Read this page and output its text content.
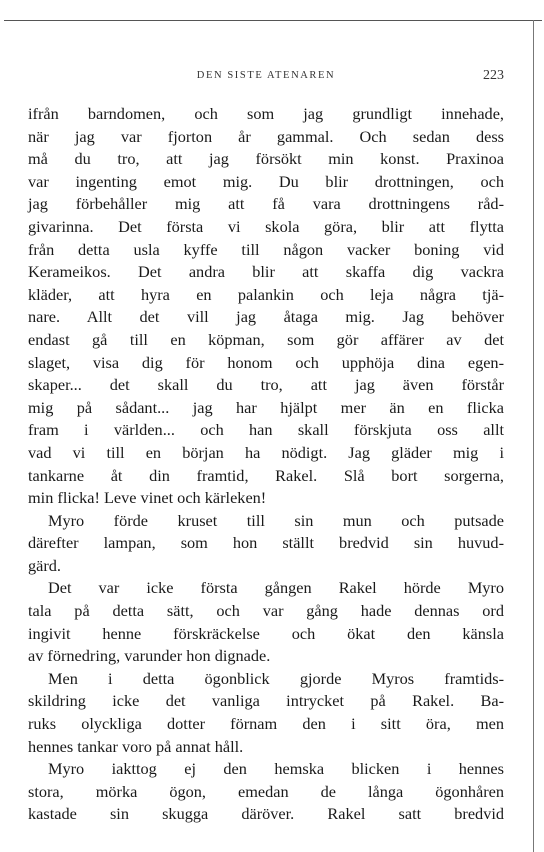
DEN SISTE ATENAREN	223
ifrån barndomen, och som jag grundligt innehade,
när jag var fjorton år gammal. Och sedan dess
må du tro, att jag försökt min konst. Praxinoa
var ingenting emot mig. Du blir drottningen, och
jag förbehåller mig att få vara drottningens råd-
givarinna. Det första vi skola göra, blir att flytta
från detta usla kyffe till någon vacker boning vid
Kerameikos. Det andra blir att skaffa dig vackra
kläder, att hyra en palankin och leja några tjä-
nare. Allt det vill jag åtaga mig. Jag behöver
endast gå till en köpman, som gör affärer av det
slaget, visa dig för honom och upphöja dina egen-
skaper... det skall du tro, att jag även förstår
mig på sådant... jag har hjälpt mer än en flicka
fram i världen... och han skall förskjuta oss allt
vad vi till en början ha nödigt. Jag gläder mig i
tankarne åt din framtid, Rakel. Slå bort sorgerna,
min flicka! Leve vinet och kärleken!
Myro förde kruset till sin mun och putsade
därefter lampan, som hon ställt bredvid sin huvud-
gärd.
Det var icke första gången Rakel hörde Myro
tala på detta sätt, och var gång hade dennas ord
ingivit henne förskräckelse och ökat den känsla
av förnedring, varunder hon dignade.
Men i detta ögonblick gjorde Myros framtids-
skildring icke det vanliga intrycket på Rakel. Ba-
ruks olyckliga dotter förnam den i sitt öra, men
hennes tankar voro på annat håll.
Myro iakttog ej den hemska blicken i hennes
stora, mörka ögon, emedan de långa ögonhåren
kastade sin skugga däröver. Rakel satt bredvid
